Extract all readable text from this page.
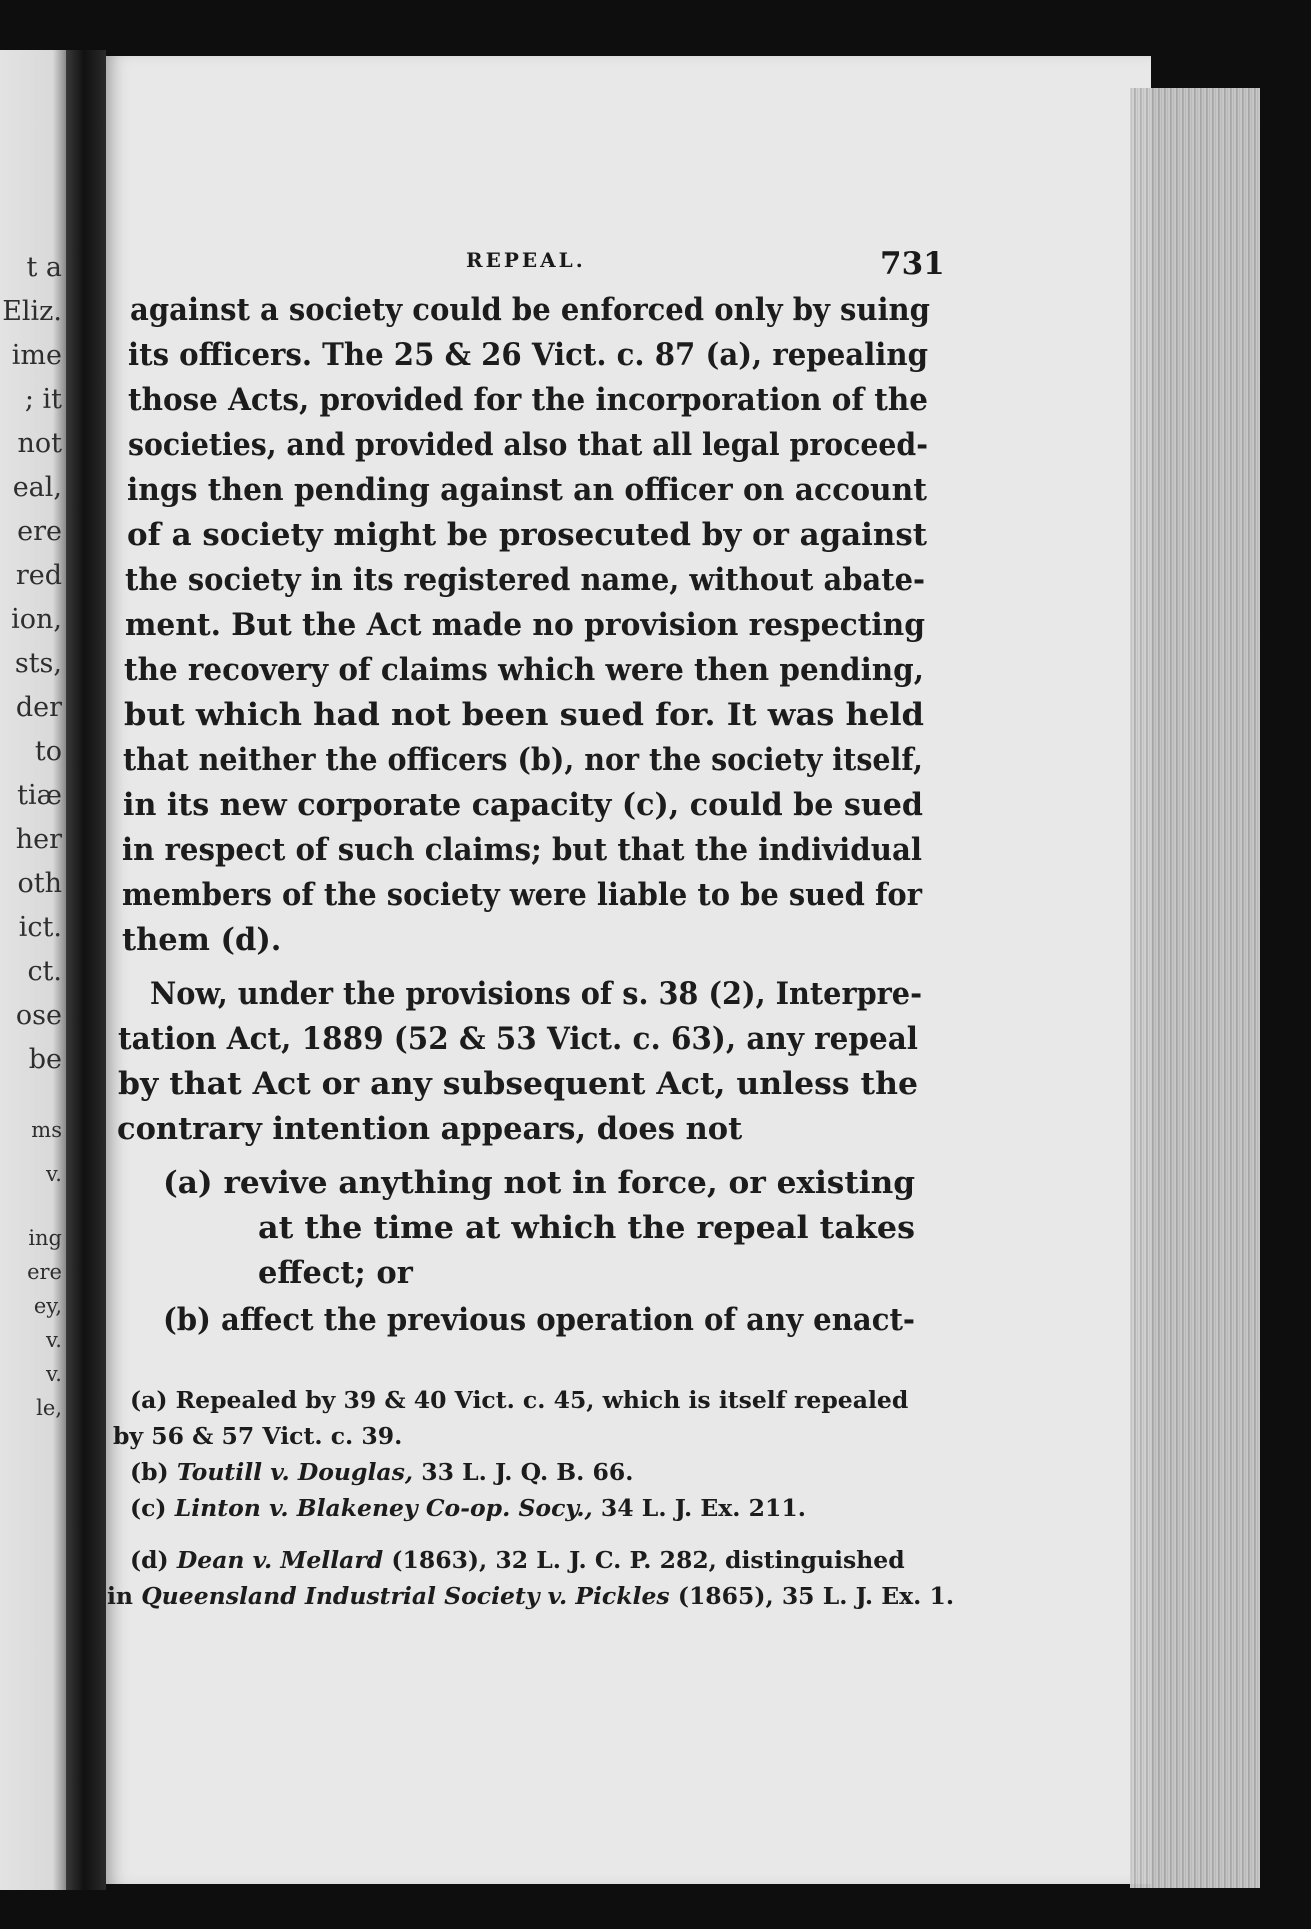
t a
Eliz.
ime
; it
not
eal,
ere
red
ion,
sts,
der
to
tiæ
her
oth
ict.
ct.
ose
be
ms
v.
ing
ere
ey,
v.
v.
le,
REPEAL.	731

against a society could be enforced only by suing

its officers. The 25 & 26 Vict. c. 87 (a), repealing

those Acts, provided for the incorporation of the

societies, and provided also that all legal proceed-

ings then pending against an officer on account

of a society might be prosecuted by or against

the society in its registered name, without abate-

ment. But the Act made no provision respecting

the recovery of claims which were then pending,

but which had not been sued for. It was held

that neither the officers (b), nor the society itself,

in its new corporate capacity (c), could be sued

in respect of such claims; but that the individual

members of the society were liable to be sued for

them (d).

Now, under the provisions of s. 38 (2), Interpre-

tation Act, 1889 (52 & 53 Vict. c. 63), any repeal

by that Act or any subsequent Act, unless the

contrary intention appears, does not

(a) revive anything not in force, or existing

at the time at which the repeal takes

effect; or

(b) affect the previous operation of any enact-

(a) Repealed by 39 & 40 Vict. c. 45, which is itself repealed

by 56 & 57 Vict. c. 39.

(b) Toutill v. Douglas, 33 L. J. Q. B. 66.

(c) Linton v. Blakeney Co-op. Socy., 34 L. J. Ex. 211.

(d) Dean v. Mellard (1863), 32 L. J. C. P. 282, distinguished

in Queensland Industrial Society v. Pickles (1865), 35 L. J. Ex. 1.
